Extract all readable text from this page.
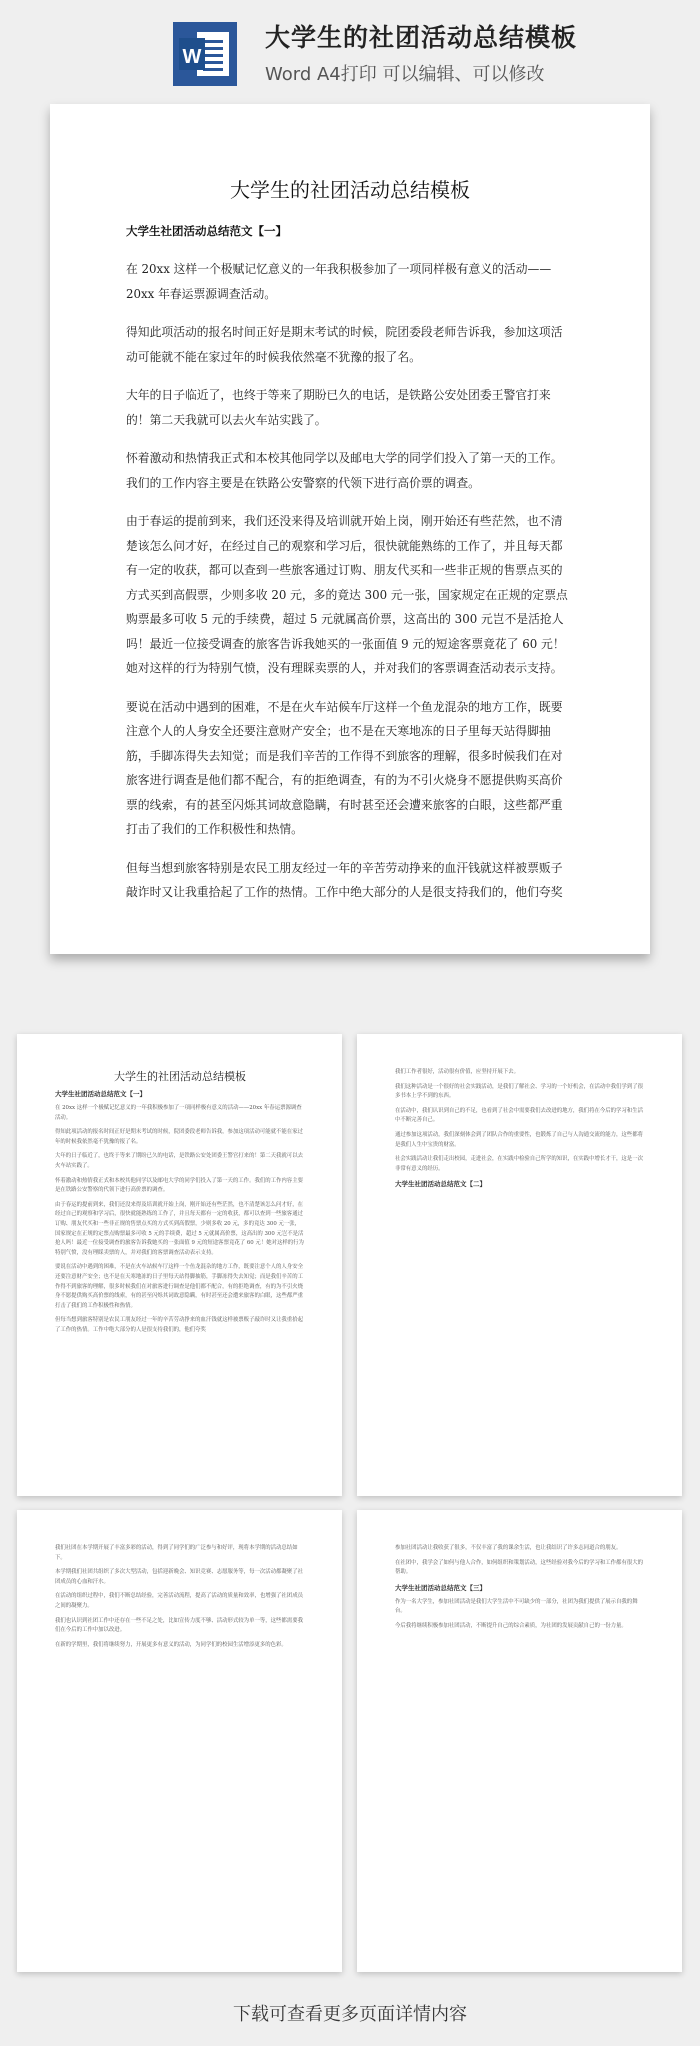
W
大学生的社团活动总结模板
Word A4打印 可以编辑、可以修改
大学生的社团活动总结模板
大学生社团活动总结范文【一】

在 20xx 这样一个极赋记忆意义的一年我积极参加了一项同样极有意义的活动——20xx 年春运票源调查活动。

得知此项活动的报名时间正好是期末考试的时候，院团委段老师告诉我，参加这项活动可能就不能在家过年的时候我依然毫不犹豫的报了名。

大年的日子临近了，也终于等来了期盼已久的电话，是铁路公安处团委王警官打来的！第二天我就可以去火车站实践了。

怀着激动和热情我正式和本校其他同学以及邮电大学的同学们投入了第一天的工作。我们的工作内容主要是在铁路公安警察的代领下进行高价票的调查。

由于春运的提前到来，我们还没来得及培训就开始上岗，刚开始还有些茫然，也不清楚该怎么问才好，在经过自己的观察和学习后，很快就能熟练的工作了，并且每天都有一定的收获，都可以查到一些旅客通过订购、朋友代买和一些非正规的售票点买的方式买到高假票，少则多收 20 元，多的竟达 300 元一张，国家规定在正规的定票点购票最多可收 5 元的手续费，超过 5 元就属高价票，这高出的 300 元岂不是活抢人吗！最近一位接受调查的旅客告诉我她买的一张面值 9 元的短途客票竟花了 60 元！她对这样的行为特别气愤，没有理睬卖票的人，并对我们的客票调查活动表示支持。

要说在活动中遇到的困难，不是在火车站候车厅这样一个鱼龙混杂的地方工作，既要注意个人的人身安全还要注意财产安全；也不是在天寒地冻的日子里每天站得脚抽筋，手脚冻得失去知觉；而是我们辛苦的工作得不到旅客的理解，很多时候我们在对旅客进行调查是他们都不配合，有的拒绝调查，有的为不引火烧身不愿提供购买高价票的线索，有的甚至闪烁其词故意隐瞒，有时甚至还会遭来旅客的白眼，这些都严重打击了我们的工作积极性和热情。

但每当想到旅客特别是农民工朋友经过一年的辛苦劳动挣来的血汗钱就这样被票贩子敲诈时又让我重拾起了工作的热情。工作中绝大部分的人是很支持我们的，他们夸奖

大学生的社团活动总结模板
大学生社团活动总结范文【一】

在 20xx 这样一个极赋记忆意义的一年我积极参加了一项同样极有意义的活动——20xx 年春运票源调查活动。

得知此项活动的报名时间正好是期末考试的时候，院团委段老师告诉我，参加这项活动可能就不能在家过年的时候我依然毫不犹豫的报了名。

大年的日子临近了，也终于等来了期盼已久的电话，是铁路公安处团委王警官打来的！第二天我就可以去火车站实践了。

怀着激动和热情我正式和本校其他同学以及邮电大学的同学们投入了第一天的工作。我们的工作内容主要是在铁路公安警察的代领下进行高价票的调查。

由于春运的提前到来，我们还没来得及培训就开始上岗，刚开始还有些茫然，也不清楚该怎么问才好，在经过自己的观察和学习后，很快就能熟练的工作了，并且每天都有一定的收获，都可以查到一些旅客通过订购、朋友代买和一些非正规的售票点买的方式买到高假票，少则多收 20 元，多的竟达 300 元一张，国家规定在正规的定票点购票最多可收 5 元的手续费，超过 5 元就属高价票，这高出的 300 元岂不是活抢人吗！最近一位接受调查的旅客告诉我她买的一张面值 9 元的短途客票竟花了 60 元！她对这样的行为特别气愤，没有理睬卖票的人，并对我们的客票调查活动表示支持。

要说在活动中遇到的困难，不是在火车站候车厅这样一个鱼龙混杂的地方工作，既要注意个人的人身安全还要注意财产安全；也不是在天寒地冻的日子里每天站得脚抽筋，手脚冻得失去知觉；而是我们辛苦的工作得不到旅客的理解，很多时候我们在对旅客进行调查是他们都不配合，有的拒绝调查，有的为不引火烧身不愿提供购买高价票的线索，有的甚至闪烁其词故意隐瞒，有时甚至还会遭来旅客的白眼，这些都严重打击了我们的工作积极性和热情。

但每当想到旅客特别是农民工朋友经过一年的辛苦劳动挣来的血汗钱就这样被票贩子敲诈时又让我重拾起了工作的热情。工作中绝大部分的人是很支持我们的，他们夸奖

我们工作者很好，活动很有价值，应坚持开展下去。

我们这种活动是一个很好的社会实践活动，是我们了解社会、学习的一个好机会，在活动中我们学到了很多书本上学不到的东西。

在活动中，我们认识到自己的不足，也看到了社会中需要我们去改进的地方，我们将在今后的学习和生活中不断完善自己。

通过参加这项活动，我们深刻体会到了团队合作的重要性，也锻炼了自己与人沟通交流的能力，这些都将是我们人生中宝贵的财富。

社会实践活动让我们走出校园，走进社会，在实践中检验自己所学的知识，在实践中增长才干，这是一次非常有意义的经历。

大学生社团活动总结范文【二】

我们社团在本学期开展了丰富多彩的活动，得到了同学们的广泛参与和好评，现将本学期的活动总结如下。

本学期我们社团共组织了多次大型活动，包括迎新晚会、知识竞赛、志愿服务等，每一次活动都凝聚了社团成员的心血和汗水。

在活动的组织过程中，我们不断总结经验，完善活动流程，提高了活动的质量和效率，也增强了社团成员之间的凝聚力。

我们也认识到社团工作中还存在一些不足之处，比如宣传力度不够、活动形式较为单一等，这些都需要我们在今后的工作中加以改进。

在新的学期里，我们将继续努力，开展更多有意义的活动，为同学们的校园生活增添更多的色彩。

参加社团活动让我收获了很多，不仅丰富了我的课余生活，也让我结识了许多志同道合的朋友。

在社团中，我学会了如何与他人合作，如何组织和策划活动，这些经验对我今后的学习和工作都有很大的帮助。

大学生社团活动总结范文【三】

作为一名大学生，参加社团活动是我们大学生活中不可缺少的一部分，社团为我们提供了展示自我的舞台。

今后我将继续积极参加社团活动，不断提升自己的综合素质，为社团的发展贡献自己的一份力量。

下载可查看更多页面详情内容
